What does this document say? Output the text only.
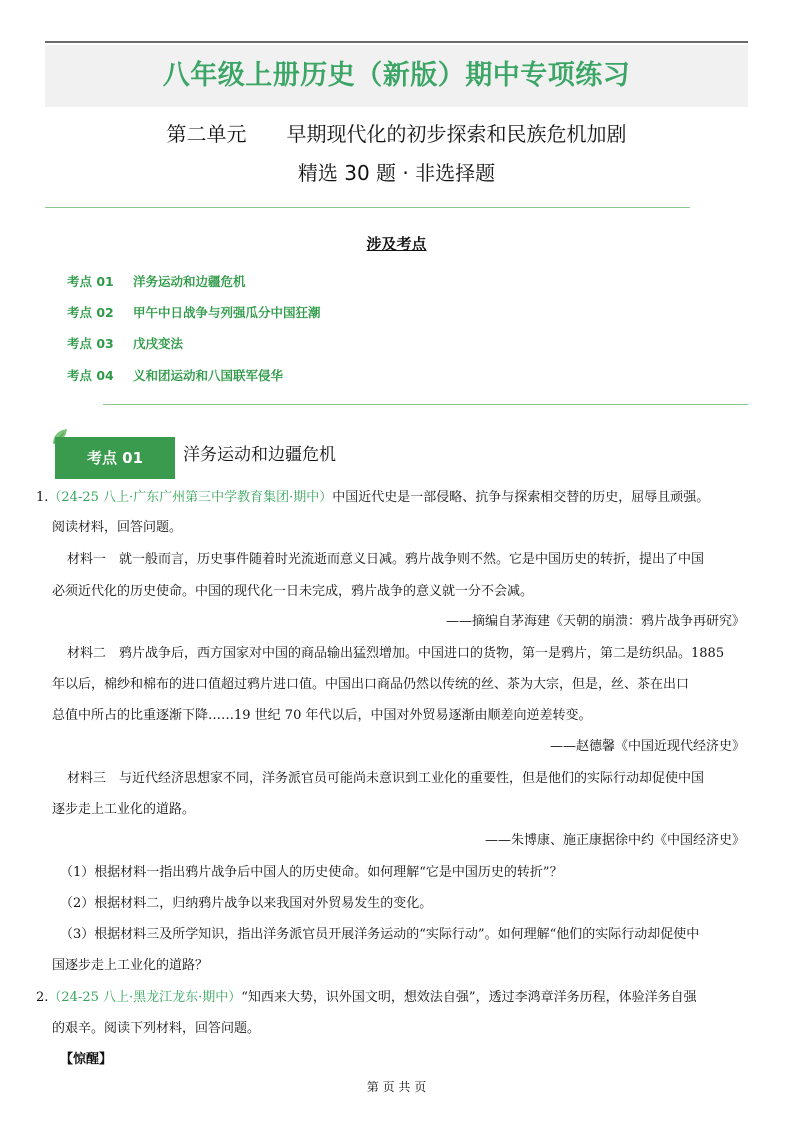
八年级上册历史（新版）期中专项练习
第二单元 早期现代化的初步探索和民族危机加剧
精选 30 题 · 非选择题
涉及考点
考点 01 洋务运动和边疆危机
考点 02 甲午中日战争与列强瓜分中国狂潮
考点 03 戊戌变法
考点 04 义和团运动和八国联军侵华
考点 01	洋务运动和边疆危机
1.（24-25 八上·广东广州第三中学教育集团·期中）中国近代史是一部侵略、抗争与探索相交替的历史，屈辱且顽强。
阅读材料，回答问题。
材料一　就一般而言，历史事件随着时光流逝而意义日减。鸦片战争则不然。它是中国历史的转折，提出了中国
必须近代化的历史使命。中国的现代化一日未完成，鸦片战争的意义就一分不会减。
——摘编自茅海建《天朝的崩溃：鸦片战争再研究》
材料二　鸦片战争后，西方国家对中国的商品输出猛烈增加。中国进口的货物，第一是鸦片，第二是纺织品。1885
年以后，棉纱和棉布的进口值超过鸦片进口值。中国出口商品仍然以传统的丝、茶为大宗，但是，丝、茶在出口
总值中所占的比重逐渐下降……19 世纪 70 年代以后，中国对外贸易逐渐由顺差向逆差转变。
——赵德馨《中国近现代经济史》
材料三　与近代经济思想家不同，洋务派官员可能尚未意识到工业化的重要性，但是他们的实际行动却促使中国
逐步走上工业化的道路。
——朱博康、施正康据徐中约《中国经济史》
（1）根据材料一指出鸦片战争后中国人的历史使命。如何理解“它是中国历史的转折”？
（2）根据材料二，归纳鸦片战争以来我国对外贸易发生的变化。
（3）根据材料三及所学知识，指出洋务派官员开展洋务运动的“实际行动”。如何理解“他们的实际行动却促使中
国逐步走上工业化的道路？
2.（24-25 八上·黑龙江龙东·期中）“知西来大势，识外国文明，想效法自强”，透过李鸿章洋务历程，体验洋务自强
的艰辛。阅读下列材料，回答问题。
【惊醒】
第 页 共 页
